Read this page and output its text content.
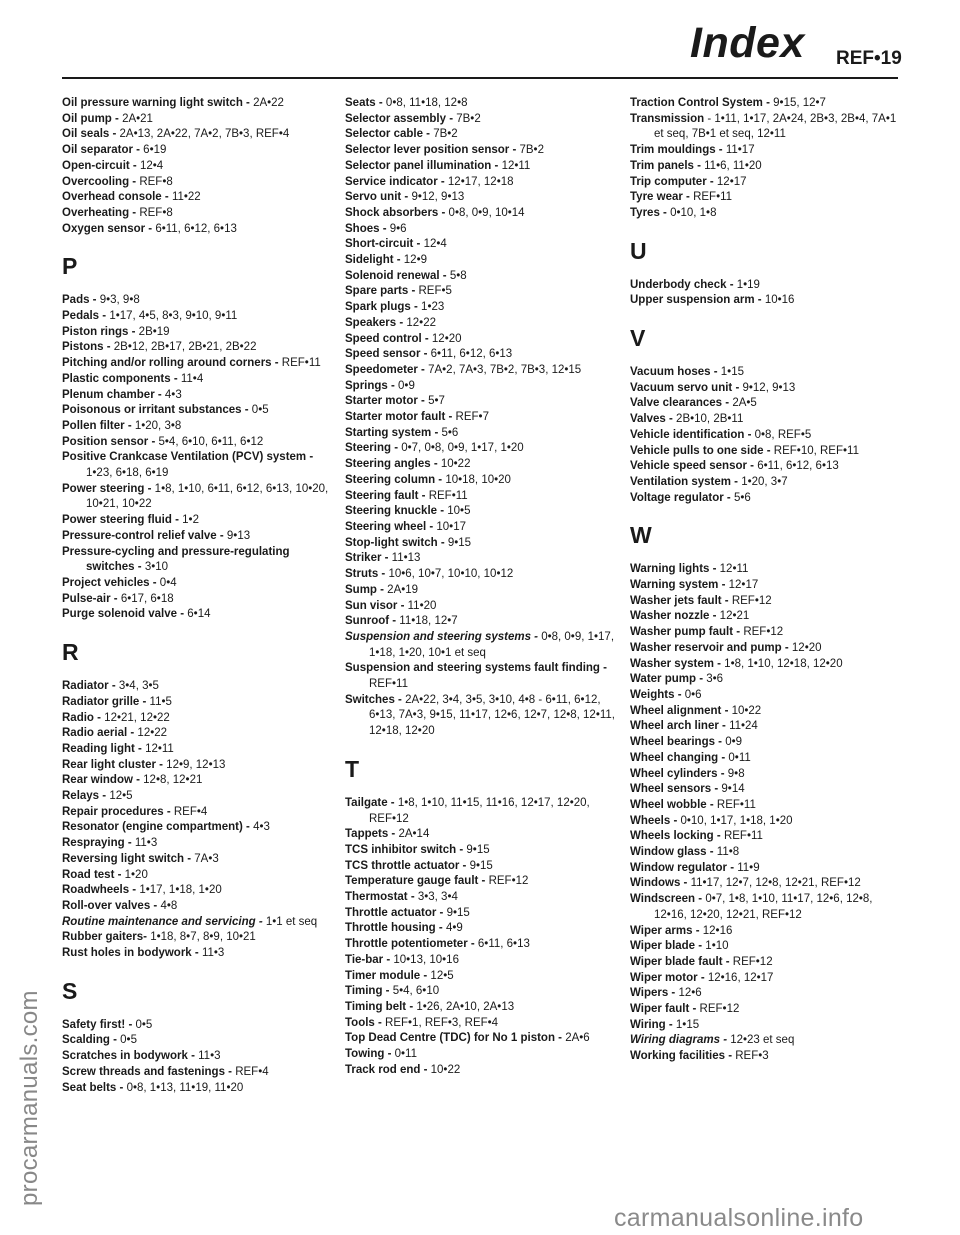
Index REF•19
procarmanuals.com
carmanualsonline.info
Oil pressure warning light switch - 2A•22
Oil pump - 2A•21
Oil seals - 2A•13, 2A•22, 7A•2, 7B•3, REF•4
Oil separator - 6•19
Open-circuit - 12•4
Overcooling - REF•8
Overhead console - 11•22
Overheating - REF•8
Oxygen sensor - 6•11, 6•12, 6•13
P
Pads - 9•3, 9•8
Pedals - 1•17, 4•5, 8•3, 9•10, 9•11
Piston rings - 2B•19
Pistons - 2B•12, 2B•17, 2B•21, 2B•22
Pitching and/or rolling around corners - REF•11
Plastic components - 11•4
Plenum chamber - 4•3
Poisonous or irritant substances - 0•5
Pollen filter - 1•20, 3•8
Position sensor - 5•4, 6•10, 6•11, 6•12
Positive Crankcase Ventilation (PCV) system - 1•23, 6•18, 6•19
Power steering - 1•8, 1•10, 6•11, 6•12, 6•13, 10•20, 10•21, 10•22
Power steering fluid - 1•2
Pressure-control relief valve - 9•13
Pressure-cycling and pressure-regulating switches - 3•10
Project vehicles - 0•4
Pulse-air - 6•17, 6•18
Purge solenoid valve - 6•14
R
Radiator - 3•4, 3•5
Radiator grille - 11•5
Radio - 12•21, 12•22
Radio aerial - 12•22
Reading light - 12•11
Rear light cluster - 12•9, 12•13
Rear window - 12•8, 12•21
Relays - 12•5
Repair procedures - REF•4
Resonator (engine compartment) - 4•3
Respraying - 11•3
Reversing light switch - 7A•3
Road test - 1•20
Roadwheels - 1•17, 1•18, 1•20
Roll-over valves - 4•8
Routine maintenance and servicing - 1•1 et seq
Rubber gaiters- 1•18, 8•7, 8•9, 10•21
Rust holes in bodywork - 11•3
S
Safety first! - 0•5
Scalding - 0•5
Scratches in bodywork - 11•3
Screw threads and fastenings - REF•4
Seat belts - 0•8, 1•13, 11•19, 11•20
Seats - 0•8, 11•18, 12•8
Selector assembly - 7B•2
Selector cable - 7B•2
Selector lever position sensor - 7B•2
Selector panel illumination - 12•11
Service indicator - 12•17, 12•18
Servo unit - 9•12, 9•13
Shock absorbers - 0•8, 0•9, 10•14
Shoes - 9•6
Short-circuit - 12•4
Sidelight - 12•9
Solenoid renewal - 5•8
Spare parts - REF•5
Spark plugs - 1•23
Speakers - 12•22
Speed control - 12•20
Speed sensor - 6•11, 6•12, 6•13
Speedometer - 7A•2, 7A•3, 7B•2, 7B•3, 12•15
Springs - 0•9
Starter motor - 5•7
Starter motor fault - REF•7
Starting system - 5•6
Steering - 0•7, 0•8, 0•9, 1•17, 1•20
Steering angles - 10•22
Steering column - 10•18, 10•20
Steering fault - REF•11
Steering knuckle - 10•5
Steering wheel - 10•17
Stop-light switch - 9•15
Striker - 11•13
Struts - 10•6, 10•7, 10•10, 10•12
Sump - 2A•19
Sun visor - 11•20
Sunroof - 11•18, 12•7
Suspension and steering systems - 0•8, 0•9, 1•17, 1•18, 1•20, 10•1 et seq
Suspension and steering systems fault finding - REF•11
Switches - 2A•22, 3•4, 3•5, 3•10, 4•8 - 6•11, 6•12, 6•13, 7A•3, 9•15, 11•17, 12•6, 12•7, 12•8, 12•11, 12•18, 12•20
T
Tailgate - 1•8, 1•10, 11•15, 11•16, 12•17, 12•20, REF•12
Tappets - 2A•14
TCS inhibitor switch - 9•15
TCS throttle actuator - 9•15
Temperature gauge fault - REF•12
Thermostat - 3•3, 3•4
Throttle actuator - 9•15
Throttle housing - 4•9
Throttle potentiometer - 6•11, 6•13
Tie-bar - 10•13, 10•16
Timer module - 12•5
Timing - 5•4, 6•10
Timing belt - 1•26, 2A•10, 2A•13
Tools - REF•1, REF•3, REF•4
Top Dead Centre (TDC) for No 1 piston - 2A•6
Towing - 0•11
Track rod end - 10•22
Traction Control System - 9•15, 12•7
Transmission - 1•11, 1•17, 2A•24, 2B•3, 2B•4, 7A•1 et seq, 7B•1 et seq, 12•11
Trim mouldings - 11•17
Trim panels - 11•6, 11•20
Trip computer - 12•17
Tyre wear - REF•11
Tyres - 0•10, 1•8
U
Underbody check - 1•19
Upper suspension arm - 10•16
V
Vacuum hoses - 1•15
Vacuum servo unit - 9•12, 9•13
Valve clearances - 2A•5
Valves - 2B•10, 2B•11
Vehicle identification - 0•8, REF•5
Vehicle pulls to one side - REF•10, REF•11
Vehicle speed sensor - 6•11, 6•12, 6•13
Ventilation system - 1•20, 3•7
Voltage regulator - 5•6
W
Warning lights - 12•11
Warning system - 12•17
Washer jets fault - REF•12
Washer nozzle - 12•21
Washer pump fault - REF•12
Washer reservoir and pump - 12•20
Washer system - 1•8, 1•10, 12•18, 12•20
Water pump - 3•6
Weights - 0•6
Wheel alignment - 10•22
Wheel arch liner - 11•24
Wheel bearings - 0•9
Wheel changing - 0•11
Wheel cylinders - 9•8
Wheel sensors - 9•14
Wheel wobble - REF•11
Wheels - 0•10, 1•17, 1•18, 1•20
Wheels locking - REF•11
Window glass - 11•8
Window regulator - 11•9
Windows - 11•17, 12•7, 12•8, 12•21, REF•12
Windscreen - 0•7, 1•8, 1•10, 11•17, 12•6, 12•8, 12•16, 12•20, 12•21, REF•12
Wiper arms - 12•16
Wiper blade - 1•10
Wiper blade fault - REF•12
Wiper motor - 12•16, 12•17
Wipers - 12•6
Wiper fault - REF•12
Wiring - 1•15
Wiring diagrams - 12•23 et seq
Working facilities - REF•3
